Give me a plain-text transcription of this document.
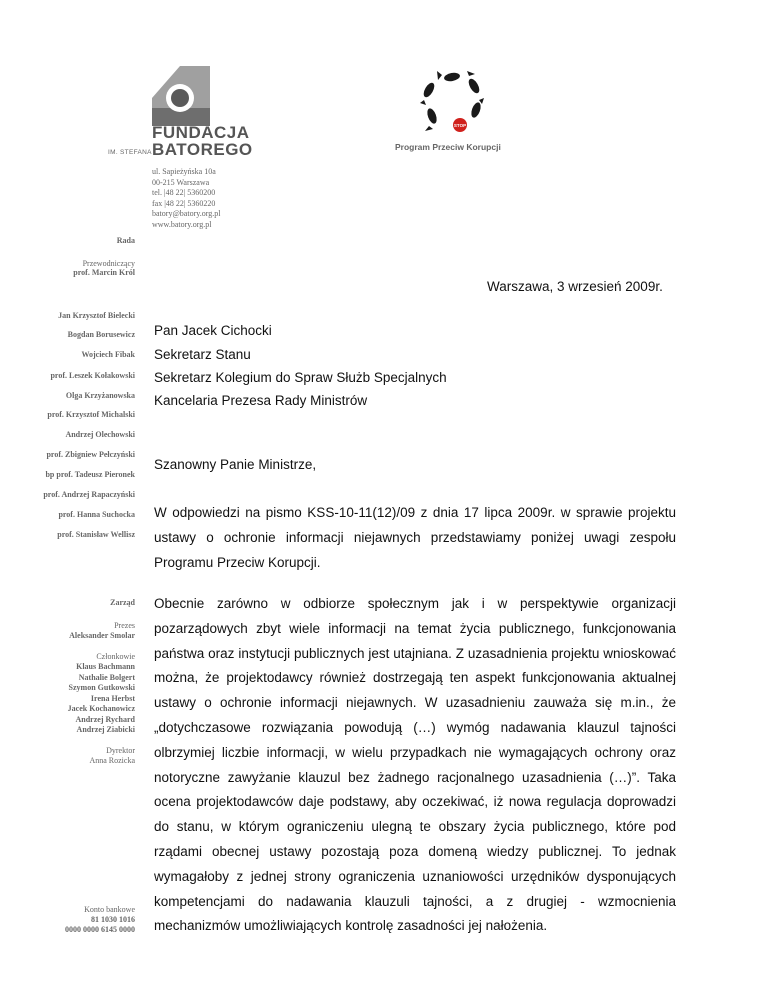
FUNDACJA
BATOREGO
IM. STEFANA
ul. Sapieżyńska 10a
00-215 Warszawa
tel. |48 22| 5360200
fax |48 22| 5360220
batory@batory.org.pl
www.batory.org.pl
STOP
Program Przeciw Korupcji
Rada
Przewodniczący
prof. Marcin Król
Jan Krzysztof Bielecki
Bogdan Borusewicz
Wojciech Fibak
prof. Leszek Kołakowski
Olga Krzyżanowska
prof. Krzysztof Michalski
Andrzej Olechowski
prof. Zbigniew Pełczyński
bp prof. Tadeusz Pieronek
prof. Andrzej Rapaczyński
prof. Hanna Suchocka
prof. Stanisław Wellisz
Zarząd
Prezes
Aleksander Smolar
Członkowie
Klaus Bachmann
Nathalie Bolgert
Szymon Gutkowski
Irena Herbst
Jacek Kochanowicz
Andrzej Rychard
Andrzej Ziabicki
Dyrektor
Anna Rozicka
Konto bankowe
81 1030 1016
0000 0000 6145 0000
Warszawa, 3 wrzesień 2009r.
Pan Jacek Cichocki
Sekretarz Stanu
Sekretarz Kolegium do Spraw Służb Specjalnych
Kancelaria Prezesa Rady Ministrów
Szanowny Panie Ministrze,

W odpowiedzi na pismo KSS-10-11(12)/09 z dnia 17 lipca 2009r. w sprawie projektu ustawy o ochronie informacji niejawnych przedstawiamy poniżej uwagi zespołu Programu Przeciw Korupcji.

Obecnie zarówno w odbiorze społecznym jak i w perspektywie organizacji pozarządowych zbyt wiele informacji na temat życia publicznego, funkcjonowania państwa oraz instytucji publicznych jest utajniana. Z uzasadnienia projektu wnioskować można, że projektodawcy również dostrzegają ten aspekt funkcjonowania aktualnej ustawy o ochronie informacji niejawnych. W uzasadnieniu zauważa się m.in., że „dotychczasowe rozwiązania powodują (…) wymóg nadawania klauzul tajności olbrzymiej liczbie informacji, w wielu przypadkach nie wymagających ochrony oraz notoryczne zawyżanie klauzul bez żadnego racjonalnego uzasadnienia (…)”. Taka ocena projektodawców daje podstawy, aby oczekiwać, iż nowa regulacja doprowadzi do stanu, w którym ograniczeniu ulegną te obszary życia publicznego, które pod rządami obecnej ustawy pozostają poza domeną wiedzy publicznej. To jednak wymagałoby z jednej strony ograniczenia uznaniowości urzędników dysponujących kompetencjami do nadawania klauzuli tajności, a z drugiej - wzmocnienia mechanizmów umożliwiających kontrolę zasadności jej nałożenia.
